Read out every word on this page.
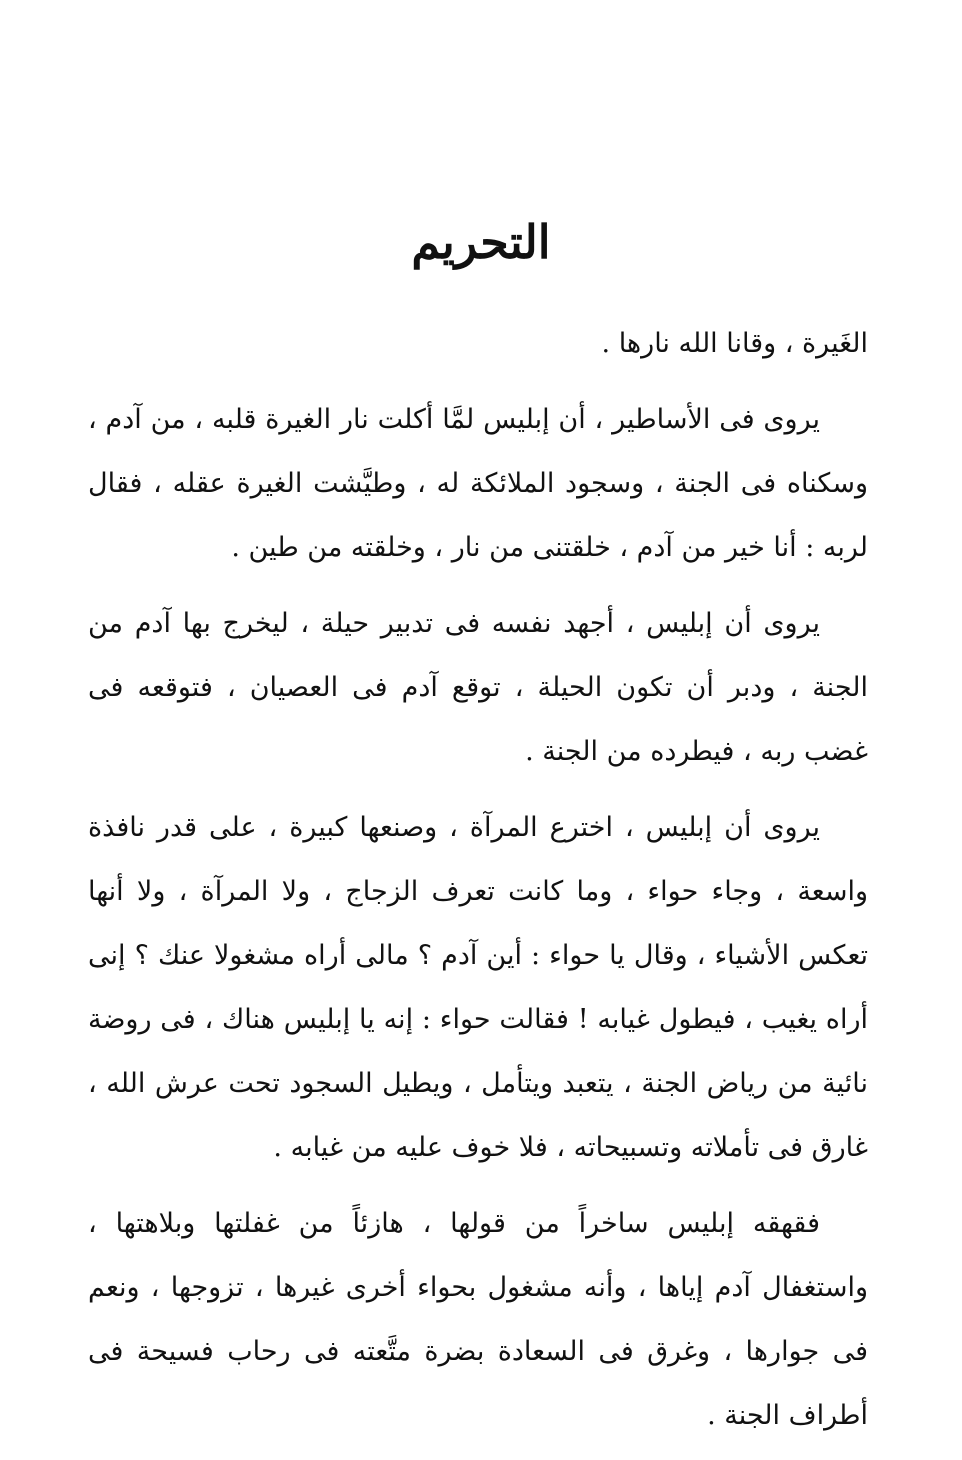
التحريم

الغَيرة ، وقانا الله نارها .

يروى فى الأساطير ، أن إبليس لمَّا أكلت نار الغيرة قلبه ، من آدم ، وسكناه فى الجنة ، وسجود الملائكة له ، وطيَّشت الغيرة عقله ، فقال لربه : أنا خير من آدم ، خلقتنى من نار ، وخلقته من طين .

يروى أن إبليس ، أجهد نفسه فى تدبير حيلة ، ليخرج بها آدم من الجنة ، ودبر أن تكون الحيلة ، توقع آدم فى العصيان ، فتوقعه فى غضب ربه ، فيطرده من الجنة .

يروى أن إبليس ، اخترع المرآة ، وصنعها كبيرة ، على قدر نافذة واسعة ، وجاء حواء ، وما كانت تعرف الزجاج ، ولا المرآة ، ولا أنها تعكس الأشياء ، وقال يا حواء : أين آدم ؟ مالى أراه مشغولا عنك ؟ إنى أراه يغيب ، فيطول غيابه ! فقالت حواء : إنه يا إبليس هناك ، فى روضة نائية من رياض الجنة ، يتعبد ويتأمل ، ويطيل السجود تحت عرش الله ، غارق فى تأملاته وتسبيحاته ، فلا خوف عليه من غيابه .

فقهقه إبليس ساخراً من قولها ، هازئاً من غفلتها وبلاهتها ، واستغفال آدم إياها ، وأنه مشغول بحواء أخرى غيرها ، تزوجها ، ونعم فى جوارها ، وغرق فى السعادة بضرة متَّعته فى رحاب فسيحة فى أطراف الجنة .
